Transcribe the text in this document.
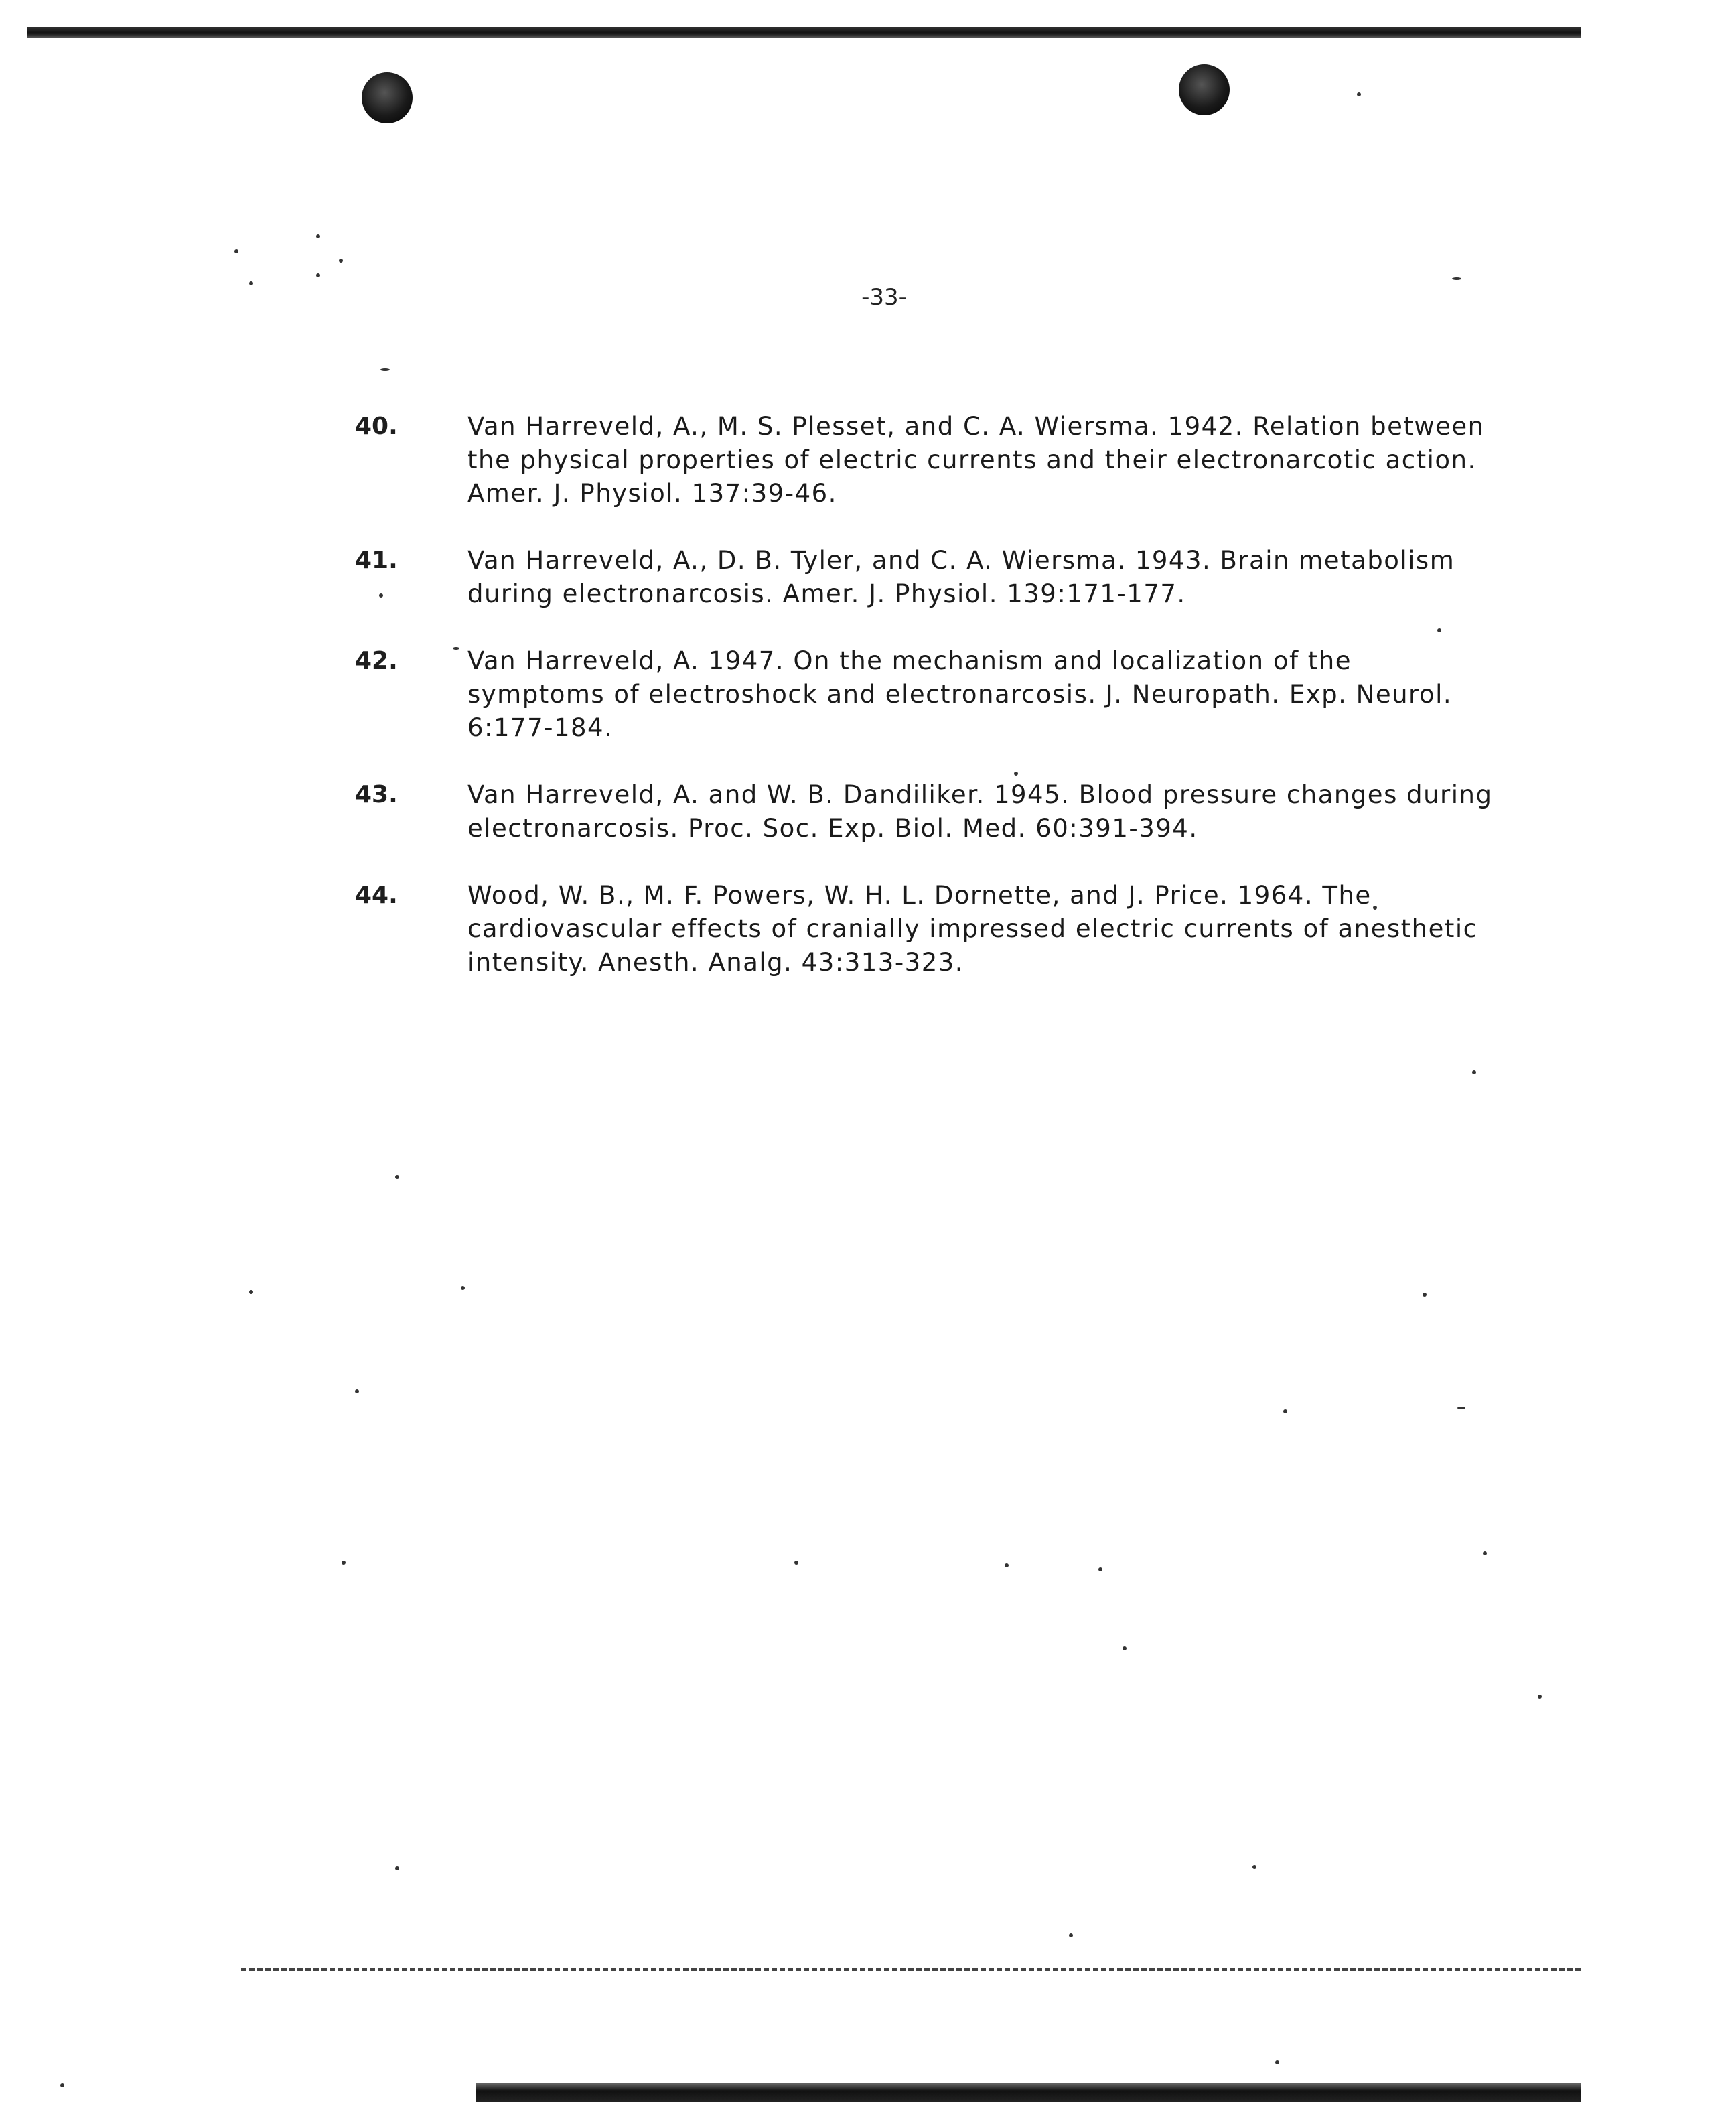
-33-
40.	Van Harreveld, A., M. S. Plesset, and C. A. Wiersma. 1942. Relation between the physical properties of electric currents and their electronarcotic action. Amer. J. Physiol. 137:39-46.
41.	Van Harreveld, A., D. B. Tyler, and C. A. Wiersma. 1943. Brain metabolism during electronarcosis. Amer. J. Physiol. 139:171-177.
42.	Van Harreveld, A. 1947. On the mechanism and localization of the symptoms of electroshock and electronarcosis. J. Neuropath. Exp. Neurol. 6:177-184.
43.	Van Harreveld, A. and W. B. Dandiliker. 1945. Blood pressure changes during electronarcosis. Proc. Soc. Exp. Biol. Med. 60:391-394.
44.	Wood, W. B., M. F. Powers, W. H. L. Dornette, and J. Price. 1964. The cardiovascular effects of cranially impressed electric currents of anesthetic intensity. Anesth. Analg. 43:313-323.
